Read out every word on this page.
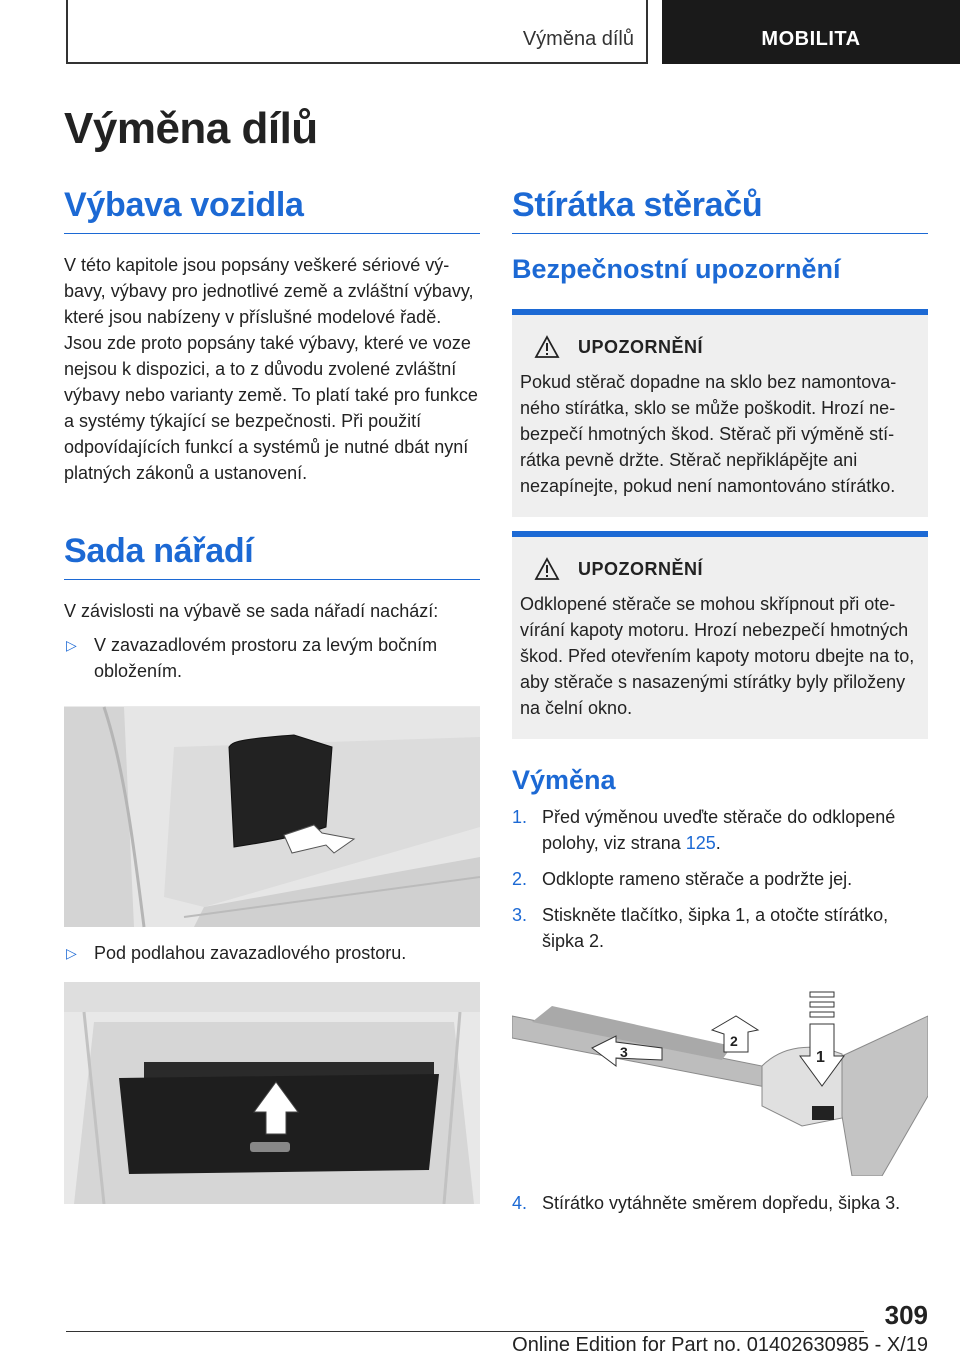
Výměna dílů	MOBILITA
Výměna dílů
Výbava vozidla

V této kapitole jsou popsány veškeré sériové výbavy, výbavy pro jednotlivé země a zvláštní výbavy, které jsou nabízeny v příslušné modelové řadě. Jsou zde proto popsány také výbavy, které ve voze nejsou k dispozici, a to z důvodu zvolené zvláštní výbavy nebo varianty země. To platí také pro funkce a systémy týkající se bezpečnosti. Při použití odpovídajících funkcí a systémů je nutné dbát nyní platných zákonů a ustanovení.

Sada nářadí

V závislosti na výbavě se sada nářadí nachází:

▷ V zavazadlovém prostoru za levým bočním obložením.
▷ Pod podlahou zavazadlového prostoru.
Stírátka stěračů
Bezpečnostní upozornění
UPOZORNĚNÍ
Pokud stěrač dopadne na sklo bez namontovaného stírátka, sklo se může poškodit. Hrozí nebezpečí hmotných škod. Stěrač při výměně stírátka pevně držte. Stěrač nepřiklápějte ani nezapínejte, pokud není namontováno stírátko.
UPOZORNĚNÍ
Odklopené stěrače se mohou skřípnout při otevírání kapoty motoru. Hrozí nebezpečí hmotných škod. Před otevřením kapoty motoru dbejte na to, aby stěrače s nasazenými stírátky byly přiloženy na čelní okno.
Výměna
1. Před výměnou uveďte stěrače do odklopené polohy, viz strana 125.
2. Odklopte rameno stěrače a podržte jej.
3. Stiskněte tlačítko, šipka 1, a otočte stírátko, šipka 2.
3
2
1
4. Stírátko vytáhněte směrem dopředu, šipka 3.
309
Online Edition for Part no. 01402630985 - X/19
